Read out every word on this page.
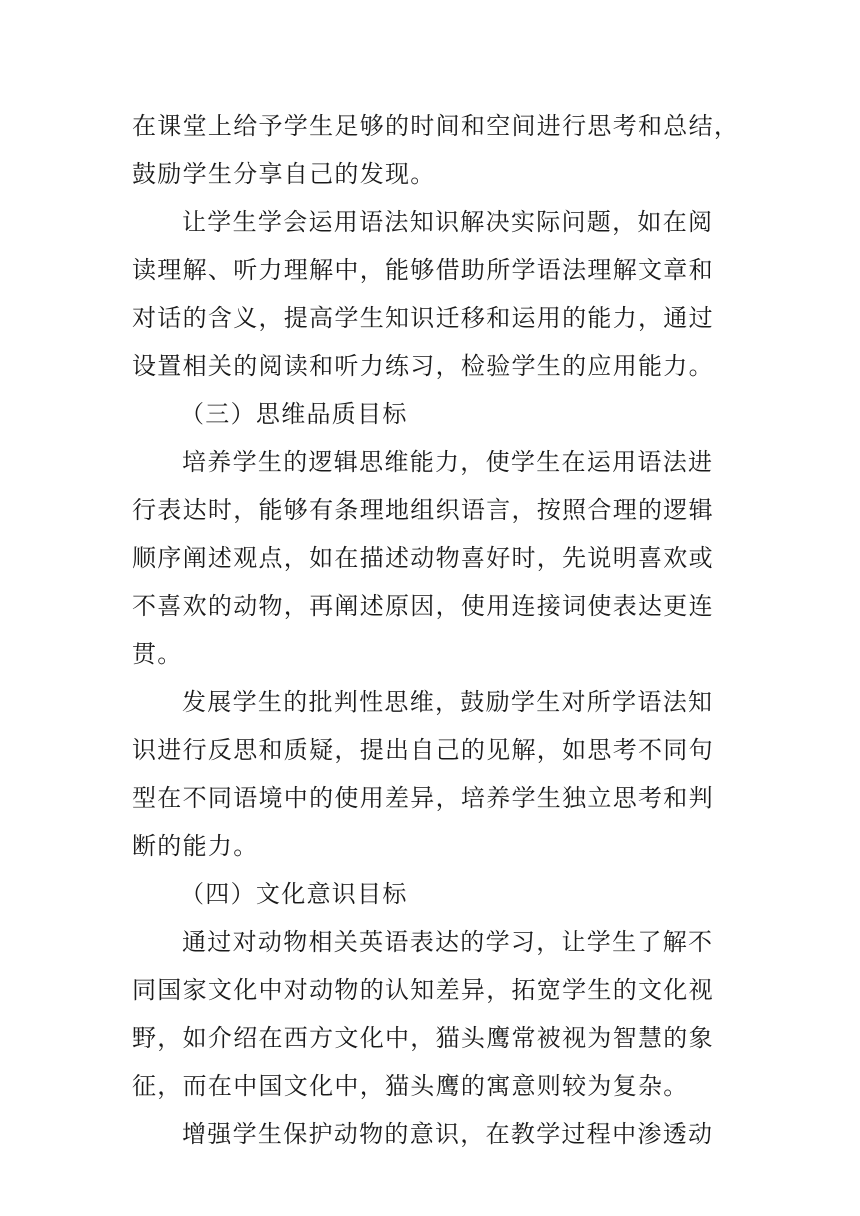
在课堂上给予学生足够的时间和空间进行思考和总结，
鼓励学生分享自己的发现。
让学生学会运用语法知识解决实际问题，如在阅
读理解、听力理解中，能够借助所学语法理解文章和
对话的含义，提高学生知识迁移和运用的能力，通过
设置相关的阅读和听力练习，检验学生的应用能力。
（三）思维品质目标
培养学生的逻辑思维能力，使学生在运用语法进
行表达时，能够有条理地组织语言，按照合理的逻辑
顺序阐述观点，如在描述动物喜好时，先说明喜欢或
不喜欢的动物，再阐述原因，使用连接词使表达更连
贯。
发展学生的批判性思维，鼓励学生对所学语法知
识进行反思和质疑，提出自己的见解，如思考不同句
型在不同语境中的使用差异，培养学生独立思考和判
断的能力。
（四）文化意识目标
通过对动物相关英语表达的学习，让学生了解不
同国家文化中对动物的认知差异，拓宽学生的文化视
野，如介绍在西方文化中，猫头鹰常被视为智慧的象
征，而在中国文化中，猫头鹰的寓意则较为复杂。
增强学生保护动物的意识，在教学过程中渗透动
